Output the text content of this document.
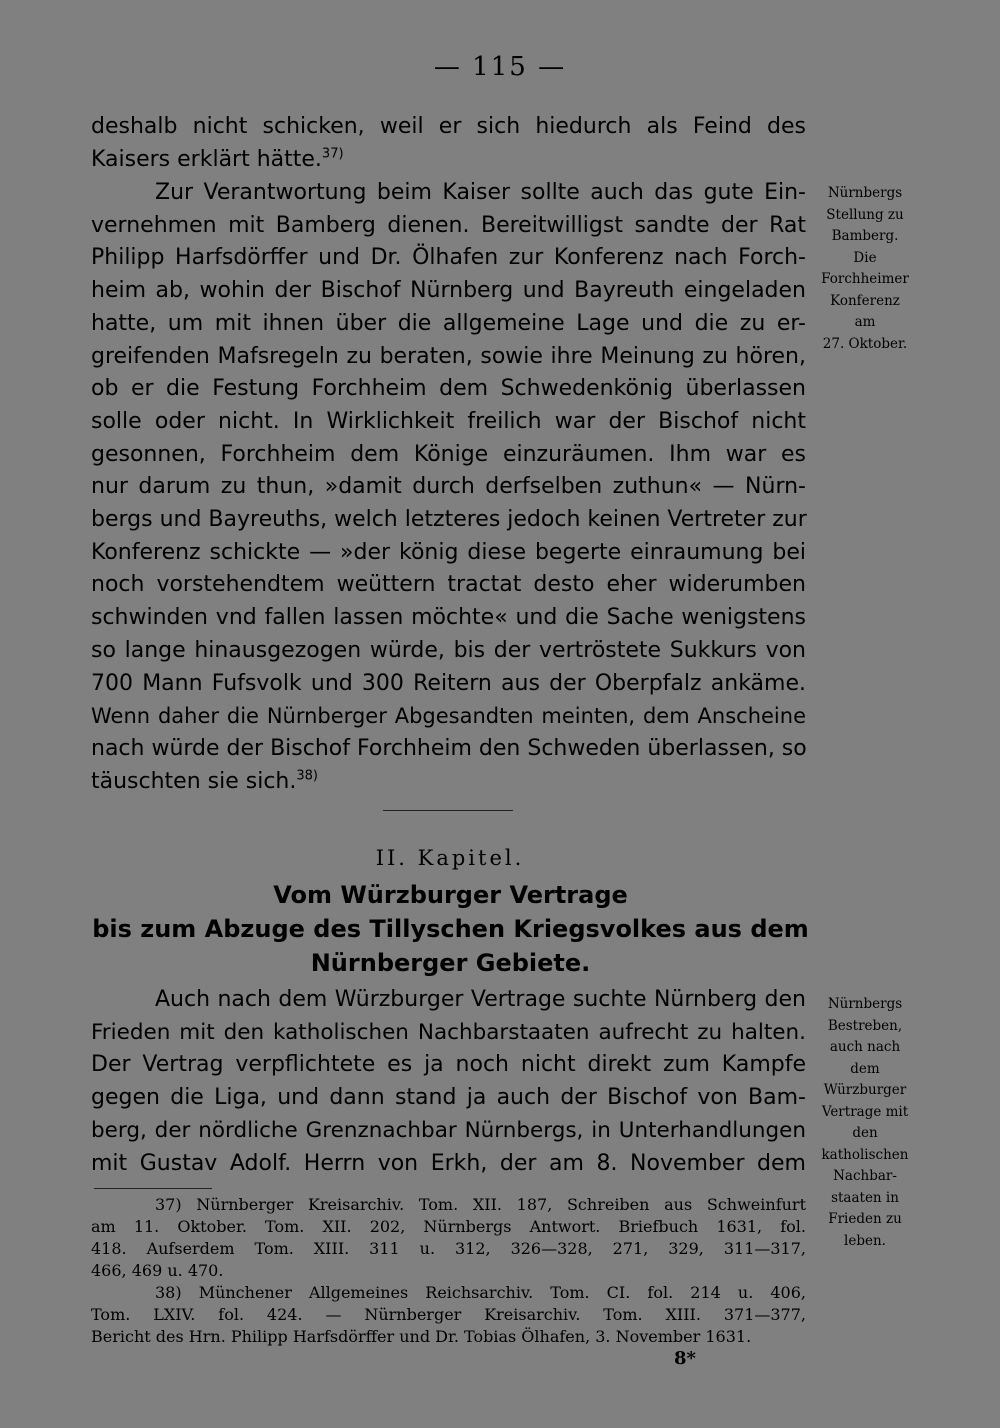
— 115 —
deshalb nicht schicken, weil er sich hiedurch als Feind des
Kaisers erklärt hätte.$^{37)}$
Zur Verantwortung beim Kaiser sollte auch das gute Ein-
vernehmen mit Bamberg dienen. Bereitwilligst sandte der Rat
Philipp Harfsdörffer und Dr. Ölhafen zur Konferenz nach Forch-
heim ab, wohin der Bischof Nürnberg und Bayreuth eingeladen
hatte, um mit ihnen über die allgemeine Lage und die zu er-
greifenden Mafsregeln zu beraten, sowie ihre Meinung zu hören,
ob er die Festung Forchheim dem Schwedenkönig überlassen
solle oder nicht. In Wirklichkeit freilich war der Bischof nicht
gesonnen, Forchheim dem Könige einzuräumen. Ihm war es
nur darum zu thun, »damit durch derfselben zuthun« — Nürn-
bergs und Bayreuths, welch letzteres jedoch keinen Vertreter zur
Konferenz schickte — »der könig diese begerte einraumung bei
noch vorstehendtem weüttern tractat desto eher widerumben
schwinden vnd fallen lassen möchte« und die Sache wenigstens
so lange hinausgezogen würde, bis der vertröstete Sukkurs von
700 Mann Fufsvolk und 300 Reitern aus der Oberpfalz ankäme.
Wenn daher die Nürnberger Abgesandten meinten, dem Anscheine
nach würde der Bischof Forchheim den Schweden überlassen, so
täuschten sie sich.$^{38)}$
II. Kapitel.
Vom Würzburger Vertrage
bis zum Abzuge des Tillyschen Kriegsvolkes aus dem
Nürnberger Gebiete.
Auch nach dem Würzburger Vertrage suchte Nürnberg den
Frieden mit den katholischen Nachbarstaaten aufrecht zu halten.
Der Vertrag verpflichtete es ja noch nicht direkt zum Kampfe
gegen die Liga, und dann stand ja auch der Bischof von Bam-
berg, der nördliche Grenznachbar Nürnbergs, in Unterhandlungen
mit Gustav Adolf. Herrn von Erkh, der am 8. November dem
Nürnbergs
Stellung zu
Bamberg.
Die
Forchheimer
Konferenz
am
27. Oktober.
Nürnbergs
Bestreben,
auch nach
dem
Würzburger
Vertrage mit
den
katholischen
Nachbar-
staaten in
Frieden zu
leben.
37) Nürnberger Kreisarchiv. Tom. XII. 187, Schreiben aus Schweinfurt
am 11. Oktober. Tom. XII. 202, Nürnbergs Antwort. Briefbuch 1631, fol.
418. Aufserdem Tom. XIII. 311 u. 312, 326—328, 271, 329, 311—317,
466, 469 u. 470.
38) Münchener Allgemeines Reichsarchiv. Tom. CI. fol. 214 u. 406,
Tom. LXIV. fol. 424. — Nürnberger Kreisarchiv. Tom. XIII. 371—377,
Bericht des Hrn. Philipp Harfsdörffer und Dr. Tobias Ölhafen, 3. November 1631.
8*
